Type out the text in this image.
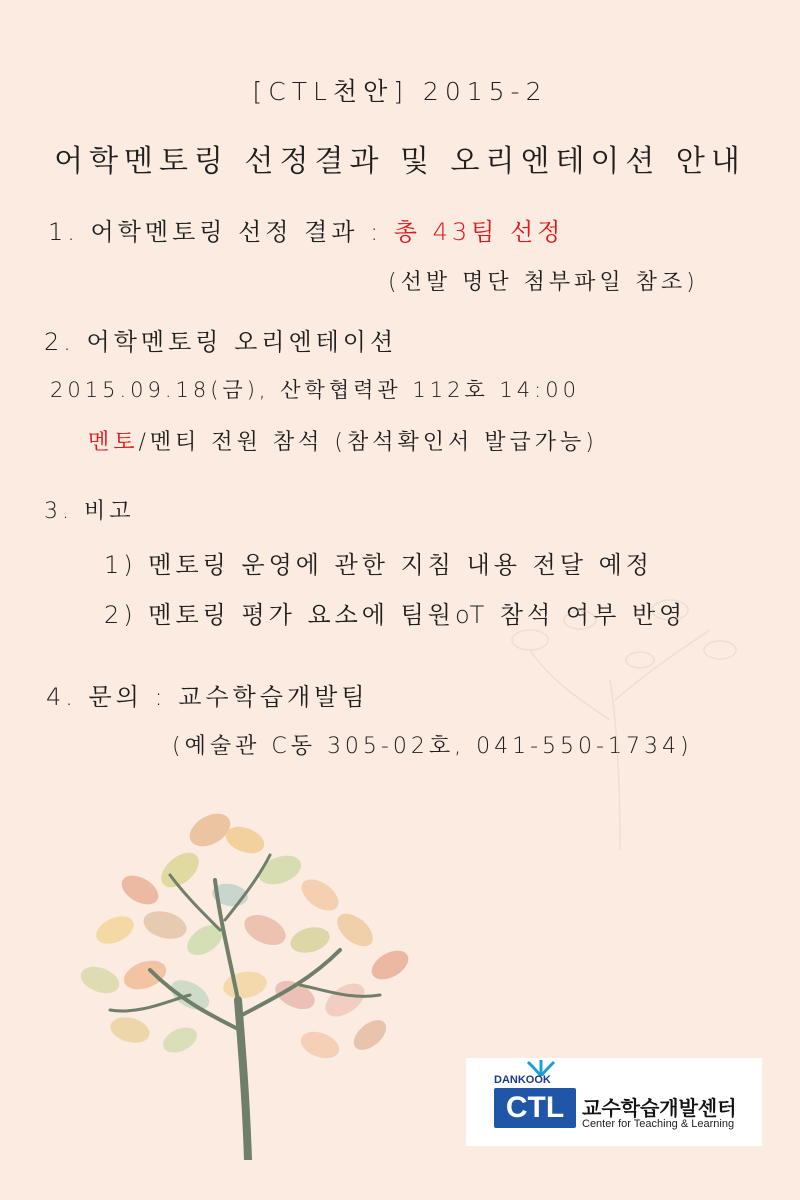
[CTL천안] 2015-2
어학멘토링 선정결과 및 오리엔테이션 안내
1. 어학멘토링 선정 결과 : 총 43팀 선정
(선발 명단 첨부파일 참조)
2. 어학멘토링 오리엔테이션
2015.09.18(금), 산학협력관 112호 14:00
멘토/멘티 전원 참석 (참석확인서 발급가능)
3. 비고
1) 멘토링 운영에 관한 지침 내용 전달 예정
2) 멘토링 평가 요소에 팀원oT 참석 여부 반영
4. 문의 : 교수학습개발팀
(예술관 C동 305-02호, 041-550-1734)
DANKOOK
CTL 교수학습개발센터
Center for Teaching & Learning
